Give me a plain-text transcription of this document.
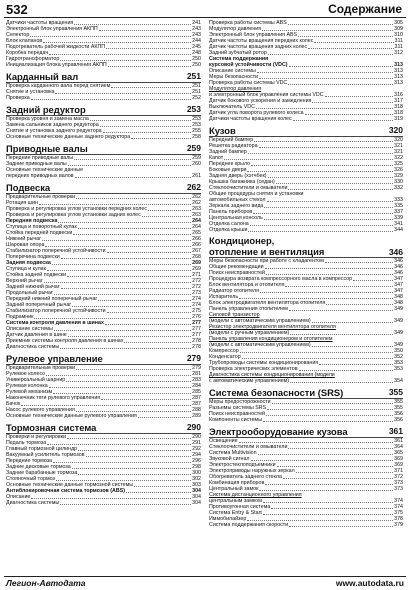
532	Содержание
Датчики частоты вращения	241
Электронный блок управления АКПП	243
Селектор	243
Блок клапанов	244
Подогреватель рабочей жидкости АКПП	245
Коробка передач	248
Гидротрансформатор	250
Инициализация блока управления АКПП	250
Карданный вал	251
Проверка карданного вала перед снятием	251
Снятие и установка	251
Проверка	252
Задний редуктор	253
Проверка уровня и замена масла	253
Замена сальников заднего редуктора	253
Снятие и установка заднего редуктора	255
Основные технические данные заднего редуктора	258
Приводные валы	259
Передние приводные валы	259
Задние приводные валы	260
Основные технические данные
передних приводных валов	261
Подвеска	262
Предварительные проверки	262
Ротация шин	262
Проверка и регулировка углов установки передних колес	263
Проверка и регулировка углов установки задних колес	263
Передняя подвеска	264
Ступица и поворотный кулак	264
Стойка передней подвески	265
Нижний рычаг	266
Шаровая опора	266
Стабилизатор поперечной устойчивости	267
Поперечина подвески	268
Задняя подвеска	269
Ступица и кулак	269
Стойка задней подвески	271
Верхний рычаг	272
Задний нижний рычаг	272
Продольный рычаг	273
Передний нижний поперечный рычаг	274
Задний поперечный рычаг	274
Стабилизатор поперечной устойчивости	275
Подрамник	276
Система контроля давления в шинах	277
Описание системы	277
Датчик давления в шине	277
Приемник системы контроля давления в шинах	278
Диагностика системы	278
Рулевое управление	279
Предварительные проверки	279
Рулевое колесо	281
Универсальный шарнир	283
Рулевая колонка	284
Рулевой механизм	285
Наконечник тяги рулевого управления	287
Бачок	287
Насос рулевого управления	288
Основные технические данные рулевого управления	289
Тормозная система	290
Проверки и регулировки	290
Педаль тормоза	291
Главный тормозной цилиндр	292
Вакуумный усилитель тормозов	294
Передние тормоза	296
Задние дисковые тормоза	298
Задние барабанные тормоза	300
Стояночный тормоз	302
Основные технические данные тормозной системы	303
Антиблокировочная система тормозов (ABS)	304
Описание	304
Диагностика системы	304
Проверка работы системы ABS	305
Модулятор давления	309
Электронный блок управления ABS	310
Датчик частоты вращения передних колес	311
Датчик частоты вращения задних колес	311
Задний зубчатый ротор	312
Система поддержания
курсовой устойчивости (VDC)	313
Описание системы	313
Меры безопасности	313
Проверка работы системы VDC	313
Модулятор давления
и электронный блок управления системы VDC	316
Датчик бокового ускорения и замедления	317
Выключатель VDC	318
Датчик угла поворота рулевого колеса	318
Датчики частоты вращения колес	319
Кузов	320
Передний бампер	320
Решетка радиатора	321
Задний бампер	321
Капот	322
Переднее крыло	325
Боковые двери	326
Задняя дверь (хэтчбек)	329
Крышка багажника (седан)	330
Стеклоочистители и омыватели	332
Общие процедуры снятия и установки
автомобильных стекол	333
Зеркала заднего вида	335
Панель приборов	337
Центральная консоль	339
Отделка салона	341
Отделка крыши	344
Кондиционер,
отопление и вентиляция	346
Меры безопасности при работе с хладагентом	346
Общие рекомендации	346
Поиск неисправностей	346
Процедура возврата компрессорного масла в компрессор	347
Блок вентилятора и отопителя	347
Радиатор отопителя	347
Испаритель	348
Блок электродвигателя вентилятора отопителя	348
Панель управления отопителем	349
Силовой транзистор
(модели с автоматическим управлением)	349
Резистор электродвигателя вентилятора отопителя
(модели с ручным управлением)	349
Панель управления кондиционером и отопителем
(модели с автоматическим управлением)	349
Компрессор	350
Конденсатор	352
Трубопроводы системы кондиционирования	353
Проверка электрических элементов	353
Диагностика системы кондиционирования (модели
с автоматическим управлением)	354
Система безопасности (SRS)	355
Меры предосторожности	355
Разъемы системы SRS	355
Поиск неисправностей	356
Компоненты системы	356
Электрооборудование кузова	361
Освещение	361
Стеклоочистители и омыватели	364
Система Multivision	365
Звуковой сигнал	369
Электростеклоподъемники	369
Электроприводы наружных зеркал	371
Обогреватель заднего стекла	372
Комбинация приборов	373
Центральный замок	373
Система дистанционного управления
центральным замком	374
Противоугонная система	374
Система Entry & Start	375
Иммобилайзер	378
Система поддержания скорости	379
Легион-Автодата	www.autodata.ru
